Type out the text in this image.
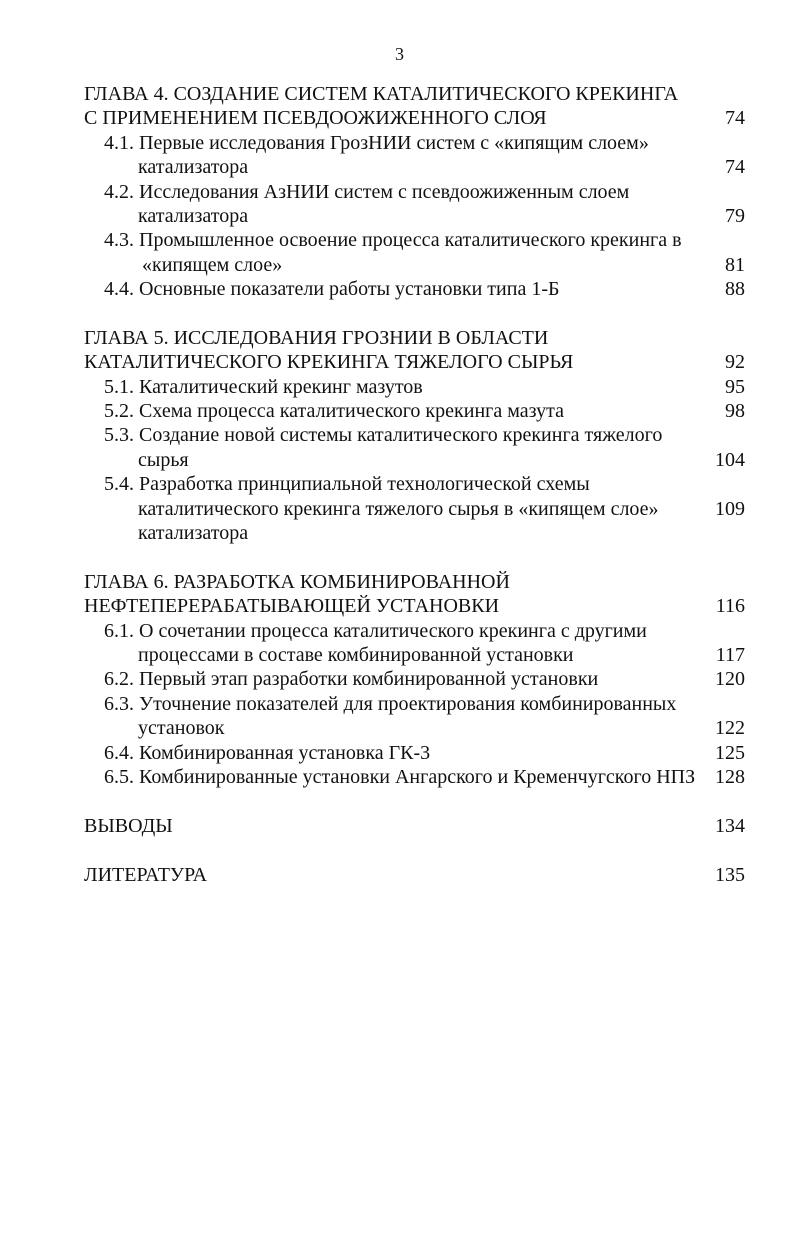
3
ГЛАВА 4. СОЗДАНИЕ СИСТЕМ КАТАЛИТИЧЕСКОГО КРЕКИНГА
С ПРИМЕНЕНИЕМ ПСЕВДООЖИЖЕННОГО СЛОЯ	74
4.1. Первые исследования ГрозНИИ систем с «кипящим слоем»
катализатора	74
4.2. Исследования АзНИИ систем с псевдоожиженным слоем
катализатора	79
4.3. Промышленное освоение процесса каталитического крекинга в
«кипящем слое»	81
4.4. Основные показатели работы установки типа 1-Б	88
ГЛАВА 5. ИССЛЕДОВАНИЯ ГРОЗНИИ В ОБЛАСТИ
КАТАЛИТИЧЕСКОГО КРЕКИНГА ТЯЖЕЛОГО СЫРЬЯ	92
5.1. Каталитический крекинг мазутов	95
5.2. Схема процесса каталитического крекинга мазута	98
5.3. Создание новой системы каталитического крекинга тяжелого
сырья	104
5.4. Разработка принципиальной технологической схемы
каталитического крекинга тяжелого сырья в «кипящем слое»	109
катализатора
ГЛАВА 6. РАЗРАБОТКА КОМБИНИРОВАННОЙ
НЕФТЕПЕРЕРАБАТЫВАЮЩЕЙ УСТАНОВКИ	116
6.1. О сочетании процесса каталитического крекинга с другими
процессами в составе комбинированной установки	117
6.2. Первый этап разработки комбинированной установки	120
6.3. Уточнение показателей для проектирования комбинированных
установок	122
6.4. Комбинированная установка ГК-3	125
6.5. Комбинированные установки Ангарского и Кременчугского НПЗ 128
ВЫВОДЫ	134
ЛИТЕРАТУРА	135
